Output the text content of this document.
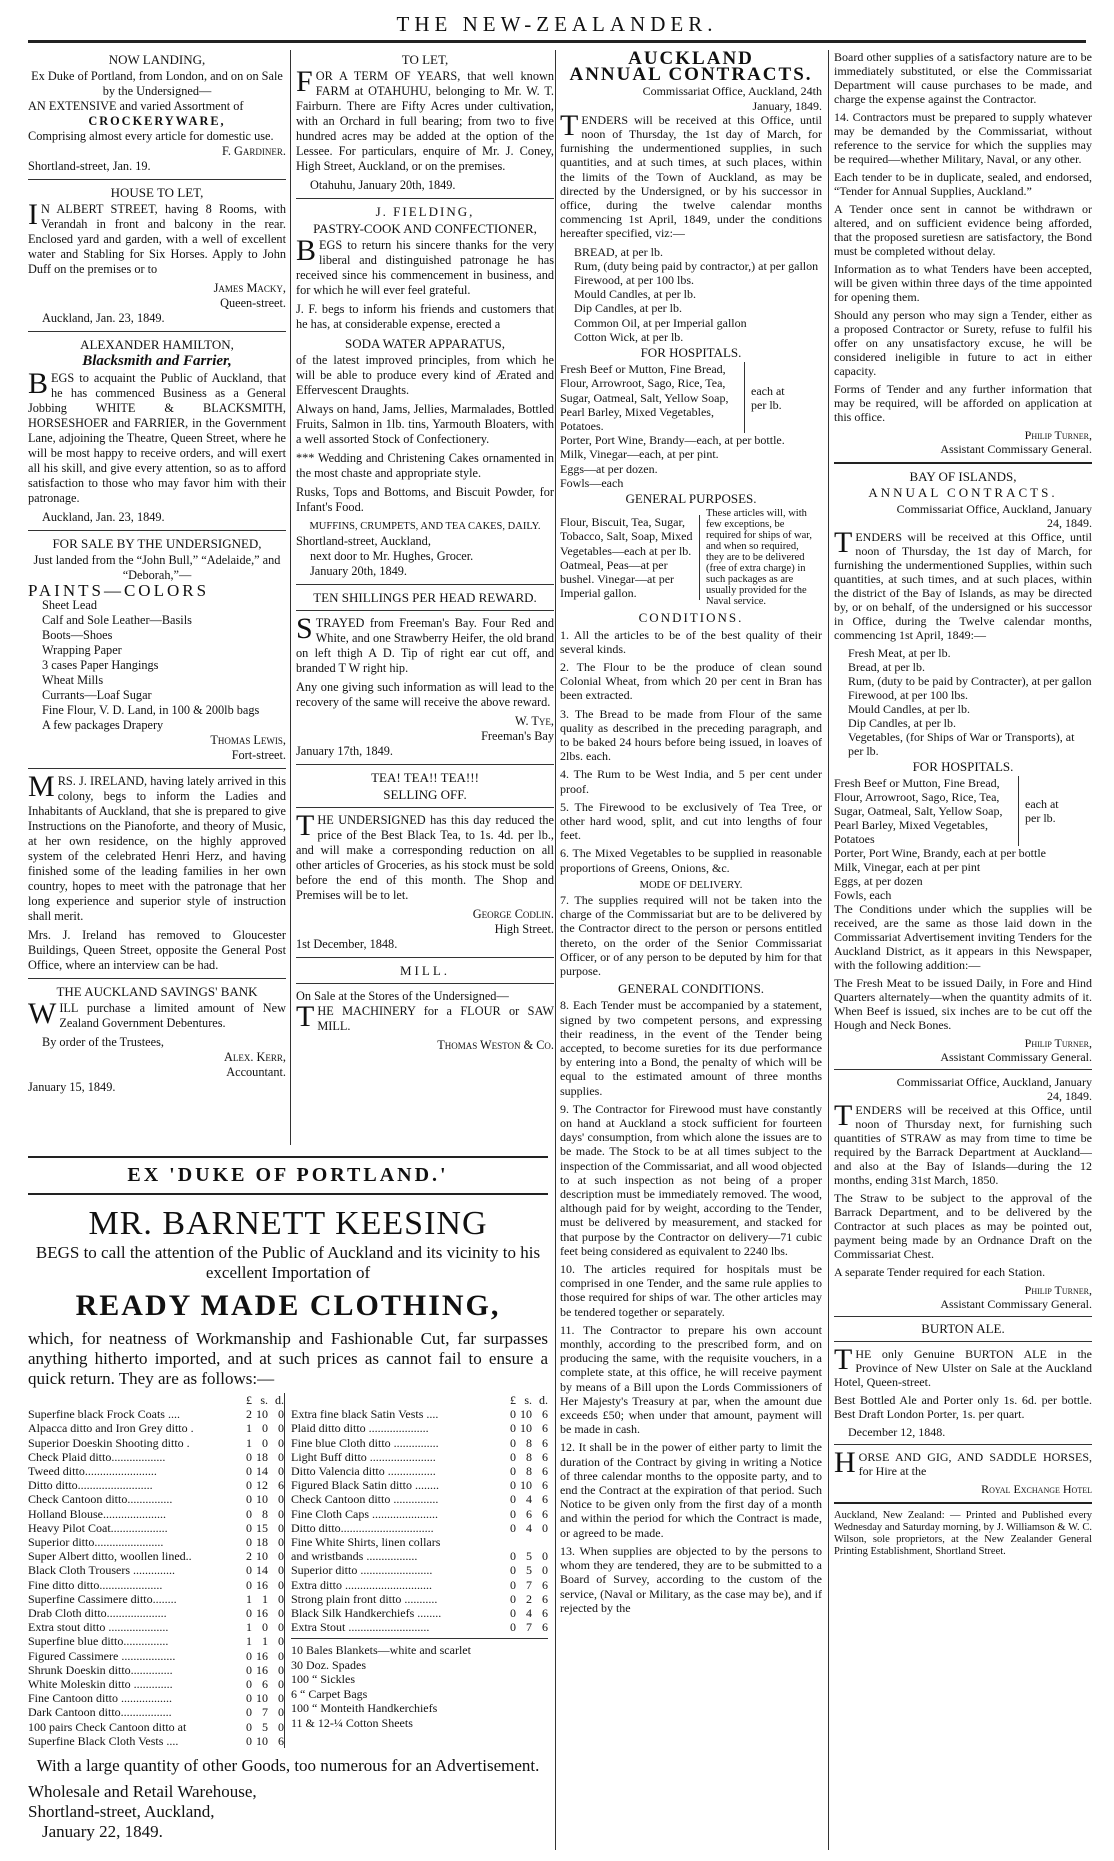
THE NEW-ZEALANDER.
NOW LANDING,
Ex Duke of Portland, from London, and on on Sale by the Undersigned—
AN EXTENSIVE and varied Assortment of
CROCKERYWARE,
Comprising almost every article for domestic use.
F. Gardiner.
Shortland-street, Jan. 19.
HOUSE TO LET,

IN ALBERT STREET, having 8 Rooms, with Verandah in front and balcony in the rear. Enclosed yard and garden, with a well of excellent water and Stabling for Six Horses. Apply to John Duff on the premises or to

James Macky,
Queen-street.
Auckland, Jan. 23, 1849.
ALEXANDER HAMILTON,
Blacksmith and Farrier,

BEGS to acquaint the Public of Auckland, that he has commenced Business as a General Jobbing WHITE & BLACKSMITH, HORSESHOER and FARRIER, in the Government Lane, adjoining the Theatre, Queen Street, where he will be most happy to receive orders, and will exert all his skill, and give every attention, so as to afford satisfaction to those who may favor him with their patronage.

Auckland, Jan. 23, 1849.
FOR SALE BY THE UNDERSIGNED,
Just landed from the “John Bull,” “Adelaide,” and “Deborah,”—
PAINTS—COLORS
Sheet Lead
Calf and Sole Leather—Basils
Boots—Shoes
Wrapping Paper
3 cases Paper Hangings
Wheat Mills
Currants—Loaf Sugar
Fine Flour, V. D. Land, in 100 & 200lb bags
A few packages Drapery
Thomas Lewis,
Fort-street.

MRS. J. IRELAND, having lately arrived in this colony, begs to inform the Ladies and Inhabitants of Auckland, that she is prepared to give Instructions on the Pianoforte, and theory of Music, at her own residence, on the highly approved system of the celebrated Henri Herz, and having finished some of the leading families in her own country, hopes to meet with the patronage that her long experience and superior style of instruction shall merit.

Mrs. J. Ireland has removed to Gloucester Buildings, Queen Street, opposite the General Post Office, where an interview can be had.

THE AUCKLAND SAVINGS' BANK

WILL purchase a limited amount of New Zealand Government Debentures.

By order of the Trustees,
Alex. Kerr,
Accountant.
January 15, 1849.
TO LET,

FOR A TERM OF YEARS, that well known FARM at OTAHUHU, belonging to Mr. W. T. Fairburn. There are Fifty Acres under cultivation, with an Orchard in full bearing; from two to five hundred acres may be added at the option of the Lessee. For particulars, enquire of Mr. J. Coney, High Street, Auckland, or on the premises.

Otahuhu, January 20th, 1849.
J. FIELDING,
PASTRY-COOK AND CONFECTIONER,

BEGS to return his sincere thanks for the very liberal and distinguished patronage he has received since his commencement in business, and for which he will ever feel grateful.

J. F. begs to inform his friends and customers that he has, at considerable expense, erected a

SODA WATER APPARATUS,

of the latest improved principles, from which he will be able to produce every kind of Ærated and Effervescent Draughts.

Always on hand, Jams, Jellies, Marmalades, Bottled Fruits, Salmon in 1lb. tins, Yarmouth Bloaters, with a well assorted Stock of Confectionery.

*** Wedding and Christening Cakes ornamented in the most chaste and appropriate style.

Rusks, Tops and Bottoms, and Biscuit Powder, for Infant's Food.

MUFFINS, CRUMPETS, AND TEA CAKES, DAILY.
Shortland-street, Auckland,
next door to Mr. Hughes, Grocer.
January 20th, 1849.
TEN SHILLINGS PER HEAD REWARD.

STRAYED from Freeman's Bay. Four Red and White, and one Strawberry Heifer, the old brand on left thigh A D. Tip of right ear cut off, and branded T W right hip.

Any one giving such information as will lead to the recovery of the same will receive the above reward.

W. Tye,
Freeman's Bay
January 17th, 1849.
TEA! TEA!! TEA!!!
SELLING OFF.

THE UNDERSIGNED has this day reduced the price of the Best Black Tea, to 1s. 4d. per lb., and will make a corresponding reduction on all other articles of Groceries, as his stock must be sold before the end of this month. The Shop and Premises will be to let.

George Codlin.
High Street.
1st December, 1848.
MILL.
On Sale at the Stores of the Undersigned—

THE MACHINERY for a FLOUR or SAW MILL.

Thomas Weston & Co.
EX 'DUKE OF PORTLAND.'
MR. BARNETT KEESING
BEGS to call the attention of the Public of Auckland and its vicinity to his excellent Importation of
READY MADE CLOTHING,
which, for neatness of Workmanship and Fashionable Cut, far surpasses anything hitherto imported, and at such prices as cannot fail to ensure a quick return. They are as follows:—
	£	s.	d.
Superfine black Frock Coats ....	2	10	0
Alpacca ditto and Iron Grey ditto .	1	0	0
Superior Doeskin Shooting ditto .	1	0	0
Check Plaid ditto..................	0	18	0
Tweed ditto........................	0	14	0
Ditto ditto.........................	0	12	6
Check Cantoon ditto...............	0	10	0
Holland Blouse.....................	0	8	0
Heavy Pilot Coat...................	0	15	0
Superior ditto.......................	0	18	0
Super Albert ditto, woollen lined..	2	10	0
Black Cloth Trousers ..............	0	14	0
Fine ditto ditto.....................	0	16	0
Superfine Cassimere ditto........	1	1	0
Drab Cloth ditto....................	0	16	0
Extra stout ditto ....................	1	0	0
Superfine blue ditto...............	1	1	0
Figured Cassimere ..................	0	16	0
Shrunk Doeskin ditto..............	0	16	0
White Moleskin ditto .............	0	6	0
Fine Cantoon ditto .................	0	10	0
Dark Cantoon ditto.................	0	7	0
100 pairs Check Cantoon ditto at	0	5	0
Superfine Black Cloth Vests ....	0	10	6
	£	s.	d.
Extra fine black Satin Vests ....	0	10	6
Plaid ditto ditto ....................	0	10	6
Fine blue Cloth ditto ...............	0	8	6
Light Buff ditto ......................	0	8	6
Ditto Valencia ditto ................	0	8	6
Figured Black Satin ditto ........	0	10	6
Check Cantoon ditto ...............	0	4	6
Fine Cloth Caps ......................	0	6	6
Ditto ditto...............................	0	4	0
Fine White Shirts, linen collars			
and wristbands .................	0	5	0
Superior ditto ........................	0	5	0
Extra ditto .............................	0	7	6
Strong plain front ditto ...........	0	2	6
Black Silk Handkerchiefs ........	0	4	6
Extra Stout ...........................	0	7	6
10 Bales Blankets—white and scarlet
30 Doz. Spades
100 “ Sickles
6 “ Carpet Bags
100 “ Monteith Handkerchiefs
11 & 12-¼ Cotton Sheets
With a large quantity of other Goods, too numerous for an Advertisement.
Wholesale and Retail Warehouse,
Shortland-street, Auckland,
January 22, 1849.
AUCKLAND
ANNUAL CONTRACTS.
Commissariat Office, Auckland, 24th January, 1849.

TENDERS will be received at this Office, until noon of Thursday, the 1st day of March, for furnishing the undermentioned supplies, in such quantities, and at such times, at such places, within the limits of the Town of Auckland, as may be directed by the Undersigned, or by his successor in office, during the twelve calendar months commencing 1st April, 1849, under the conditions hereafter specified, viz:—

BREAD, at per lb.
Rum, (duty being paid by contractor,) at per gallon
Firewood, at per 100 lbs.
Mould Candles, at per lb.
Dip Candles, at per lb.
Common Oil, at per Imperial gallon
Cotton Wick, at per lb.
FOR HOSPITALS.
Fresh Beef or Mutton, Fine Bread, Flour, Arrowroot, Sago, Rice, Tea, Sugar, Oatmeal, Salt, Yellow Soap, Pearl Barley, Mixed Vegetables, Potatoes.
each at per lb.
Porter, Port Wine, Brandy—each, at per bottle.
Milk, Vinegar—each, at per pint.
Eggs—at per dozen.
Fowls—each
GENERAL PURPOSES.
Flour, Biscuit, Tea, Sugar, Tobacco, Salt, Soap, Mixed Vegetables—each at per lb. Oatmeal, Peas—at per bushel. Vinegar—at per Imperial gallon.
These articles will, with few exceptions, be required for ships of war, and when so required, they are to be delivered (free of extra charge) in such packages as are usually provided for the Naval service.
CONDITIONS.

1. All the articles to be of the best quality of their several kinds.

2. The Flour to be the produce of clean sound Colonial Wheat, from which 20 per cent in Bran has been extracted.

3. The Bread to be made from Flour of the same quality as described in the preceding paragraph, and to be baked 24 hours before being issued, in loaves of 2lbs. each.

4. The Rum to be West India, and 5 per cent under proof.

5. The Firewood to be exclusively of Tea Tree, or other hard wood, split, and cut into lengths of four feet.

6. The Mixed Vegetables to be supplied in reasonable proportions of Greens, Onions, &c.

MODE OF DELIVERY.

7. The supplies required will not be taken into the charge of the Commissariat but are to be delivered by the Contractor direct to the person or persons entitled thereto, on the order of the Senior Commissariat Officer, or of any person to be deputed by him for that purpose.

GENERAL CONDITIONS.

8. Each Tender must be accompanied by a statement, signed by two competent persons, and expressing their readiness, in the event of the Tender being accepted, to become sureties for its due performance by entering into a Bond, the penalty of which will be equal to the estimated amount of three months supplies.

9. The Contractor for Firewood must have constantly on hand at Auckland a stock sufficient for fourteen days' consumption, from which alone the issues are to be made. The Stock to be at all times subject to the inspection of the Commissariat, and all wood objected to at such inspection as not being of a proper description must be immediately removed. The wood, although paid for by weight, according to the Tender, must be delivered by measurement, and stacked for that purpose by the Contractor on delivery—71 cubic feet being considered as equivalent to 2240 lbs.

10. The articles required for hospitals must be comprised in one Tender, and the same rule applies to those required for ships of war. The other articles may be tendered together or separately.

11. The Contractor to prepare his own account monthly, according to the prescribed form, and on producing the same, with the requisite vouchers, in a complete state, at this office, he will receive payment by means of a Bill upon the Lords Commissioners of Her Majesty's Treasury at par, when the amount due exceeds £50; when under that amount, payment will be made in cash.

12. It shall be in the power of either party to limit the duration of the Contract by giving in writing a Notice of three calendar months to the opposite party, and to end the Contract at the expiration of that period. Such Notice to be given only from the first day of a month and within the period for which the Contract is made, or agreed to be made.

13. When supplies are objected to by the persons to whom they are tendered, they are to be submitted to a Board of Survey, according to the custom of the service, (Naval or Military, as the case may be), and if rejected by the

Board other supplies of a satisfactory nature are to be immediately substituted, or else the Commissariat Department will cause purchases to be made, and charge the expense against the Contractor.

14. Contractors must be prepared to supply whatever may be demanded by the Commissariat, without reference to the service for which the supplies may be required—whether Military, Naval, or any other.

Each tender to be in duplicate, sealed, and endorsed, “Tender for Annual Supplies, Auckland.”

A Tender once sent in cannot be withdrawn or altered, and on sufficient evidence being afforded, that the proposed suretiesn are satisfactory, the Bond must be completed without delay.

Information as to what Tenders have been accepted, will be given within three days of the time appointed for opening them.

Should any person who may sign a Tender, either as a proposed Contractor or Surety, refuse to fulfil his offer on any unsatisfactory excuse, he will be considered ineligible in future to act in either capacity.

Forms of Tender and any further information that may be required, will be afforded on application at this office.

Philip Turner,
Assistant Commissary General.
BAY OF ISLANDS,
ANNUAL CONTRACTS.
Commissariat Office, Auckland, January 24, 1849.

TENDERS will be received at this Office, until noon of Thursday, the 1st day of March, for furnishing the undermentioned Supplies, within such quantities, at such times, and at such places, within the district of the Bay of Islands, as may be directed by, or on behalf, of the undersigned or his successor in Office, during the Twelve calendar months, commencing 1st April, 1849:—

Fresh Meat, at per lb.
Bread, at per lb.
Rum, (duty to be paid by Contracter), at per gallon
Firewood, at per 100 lbs.
Mould Candles, at per lb.
Dip Candles, at per lb.
Vegetables, (for Ships of War or Transports), at per lb.
FOR HOSPITALS.
Fresh Beef or Mutton, Fine Bread, Flour, Arrowroot, Sago, Rice, Tea, Sugar, Oatmeal, Salt, Yellow Soap, Pearl Barley, Mixed Vegetables, Potatoes
each at per lb.
Porter, Port Wine, Brandy, each at per bottle
Milk, Vinegar, each at per pint
Eggs, at per dozen
Fowls, each

The Conditions under which the supplies will be received, are the same as those laid down in the Commissariat Advertisement inviting Tenders for the Auckland District, as it appears in this Newspaper, with the following addition:—

The Fresh Meat to be issued Daily, in Fore and Hind Quarters alternately—when the quantity admits of it. When Beef is issued, six inches are to be cut off the Hough and Neck Bones.

Philip Turner,
Assistant Commissary General.
Commissariat Office, Auckland, January 24, 1849.

TENDERS will be received at this Office, until noon of Thursday next, for furnishing such quantities of STRAW as may from time to time be required by the Barrack Department at Auckland—and also at the Bay of Islands—during the 12 months, ending 31st March, 1850.

The Straw to be subject to the approval of the Barrack Department, and to be delivered by the Contractor at such places as may be pointed out, payment being made by an Ordnance Draft on the Commissariat Chest.

A separate Tender required for each Station.

Philip Turner,
Assistant Commissary General.
BURTON ALE.

THE only Genuine BURTON ALE in the Province of New Ulster on Sale at the Auckland Hotel, Queen-street.

Best Bottled Ale and Porter only 1s. 6d. per bottle. Best Draft London Porter, 1s. per quart.

December 12, 1848.

HORSE AND GIG, AND SADDLE HORSES, for Hire at the

Royal Exchange Hotel
Auckland, New Zealand: — Printed and Published every Wednesday and Saturday morning, by J. Williamson & W. C. Wilson, sole proprietors, at the New Zealander General Printing Establishment, Shortland Street.
